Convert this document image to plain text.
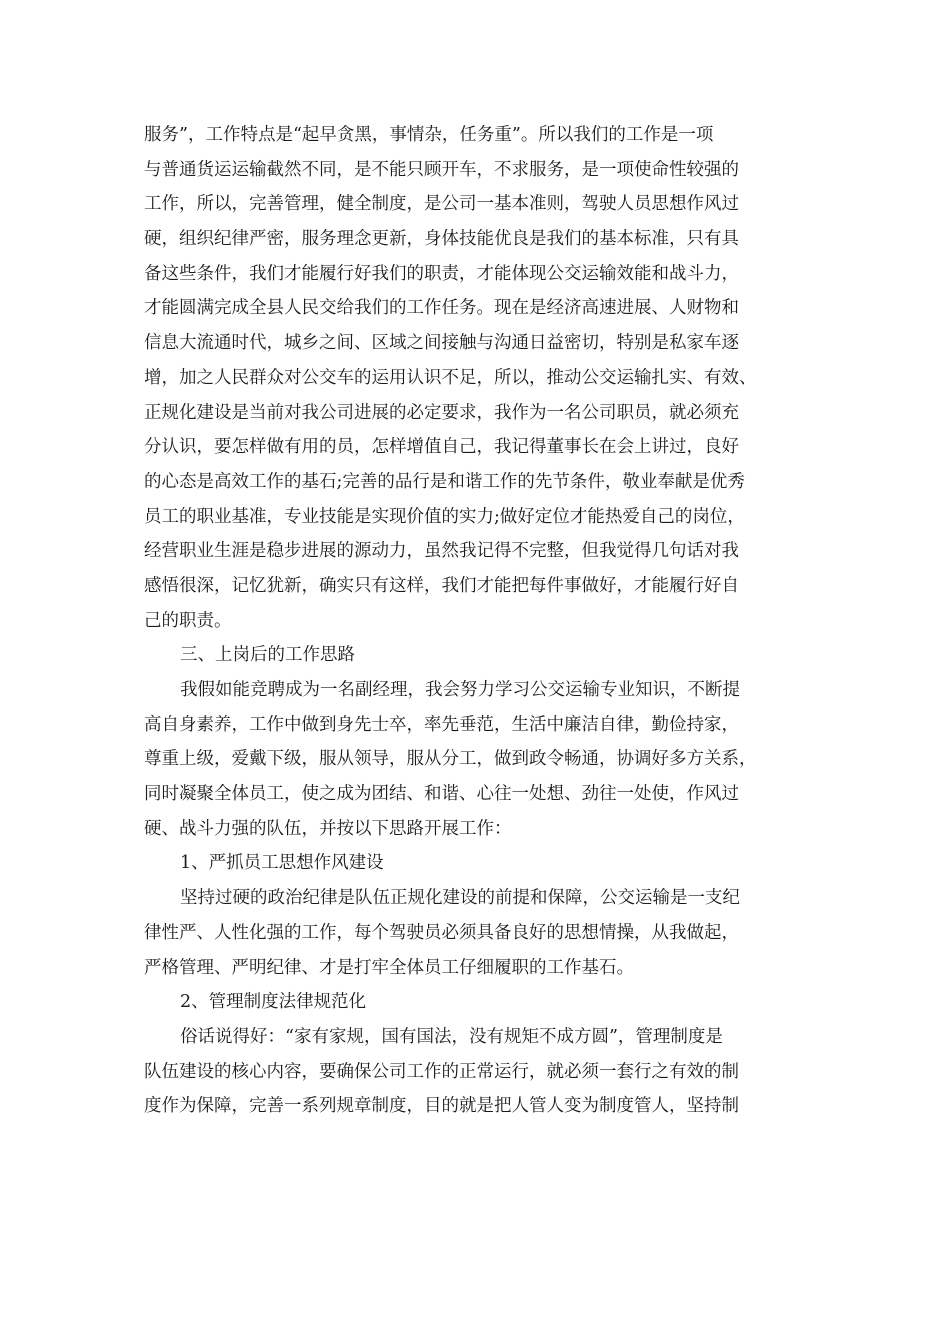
服务”，工作特点是“起早贪黑，事情杂，任务重”。所以我们的工作是一项
与普通货运运输截然不同，是不能只顾开车，不求服务，是一项使命性较强的
工作，所以，完善管理，健全制度，是公司一基本准则，驾驶人员思想作风过
硬，组织纪律严密，服务理念更新，身体技能优良是我们的基本标准，只有具
备这些条件，我们才能履行好我们的职责，才能体现公交运输效能和战斗力，
才能圆满完成全县人民交给我们的工作任务。现在是经济高速进展、人财物和
信息大流通时代，城乡之间、区域之间接触与沟通日益密切，特别是私家车逐
增，加之人民群众对公交车的运用认识不足，所以，推动公交运输扎实、有效、
正规化建设是当前对我公司进展的必定要求，我作为一名公司职员，就必须充
分认识，要怎样做有用的员，怎样增值自己，我记得董事长在会上讲过，良好
的心态是高效工作的基石;完善的品行是和谐工作的先节条件，敬业奉献是优秀
员工的职业基准，专业技能是实现价值的实力;做好定位才能热爱自己的岗位，
经营职业生涯是稳步进展的源动力，虽然我记得不完整，但我觉得几句话对我
感悟很深，记忆犹新，确实只有这样，我们才能把每件事做好，才能履行好自
己的职责。
三、上岗后的工作思路
我假如能竞聘成为一名副经理，我会努力学习公交运输专业知识，不断提
高自身素养，工作中做到身先士卒，率先垂范，生活中廉洁自律，勤俭持家，
尊重上级，爱戴下级，服从领导，服从分工，做到政令畅通，协调好多方关系，
同时凝聚全体员工，使之成为团结、和谐、心往一处想、劲往一处使，作风过
硬、战斗力强的队伍，并按以下思路开展工作：
1、严抓员工思想作风建设
坚持过硬的政治纪律是队伍正规化建设的前提和保障，公交运输是一支纪
律性严、人性化强的工作，每个驾驶员必须具备良好的思想情操，从我做起，
严格管理、严明纪律、才是打牢全体员工仔细履职的工作基石。
2、管理制度法律规范化
俗话说得好：“家有家规，国有国法，没有规矩不成方圆”，管理制度是
队伍建设的核心内容，要确保公司工作的正常运行，就必须一套行之有效的制
度作为保障，完善一系列规章制度，目的就是把人管人变为制度管人，坚持制
